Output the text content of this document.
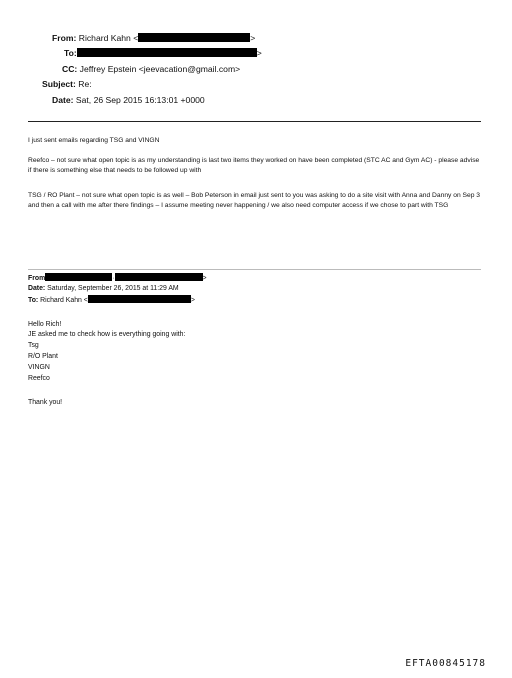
From: Richard Kahn <	>
To:	>
CC: Jeffrey Epstein <jeevacation@gmail.com>
Subject: Re:
Date: Sat, 26 Sep 2015 16:13:01 +0000

I just sent emails regarding TSG and VINGN

Reefco – not sure what open topic is as my understanding is last two items they worked on have been completed (STC AC and Gym AC) - please advise if there is something else that needs to be followed up with

TSG / RO Plant – not sure what open topic is as well – Bob Peterson in email just sent to you was asking to do a site visit with Anna and Danny on Sep 3 and then a call with me after there findings – I assume meeting never happening / we also need computer access if we chose to part with TSG

From	·	>
Date: Saturday, September 26, 2015 at 11:29 AM
To: Richard Kahn <	>
Hello Rich!
JE asked me to check how is everything going with:
Tsg
R/O Plant
VINGN
Reefco
Thank you!
EFTA00845178
